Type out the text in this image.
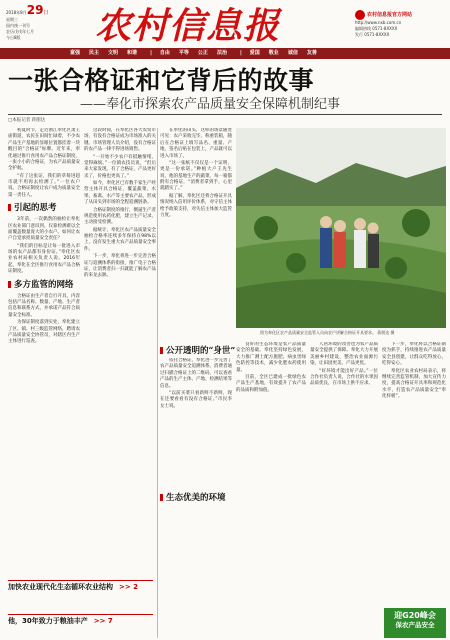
2018年8月29日
星期三
国内统一刊号
农历戊戌年七月
今日8版	农村信息报	农村信息报官方网站
http://www.nxb.com.cn
编辑热线 0571-8XXXX
发行 0571-8XXXX
富强 民主 文明 和谐	| 自由 平等 公正 法治	| 爱国 敬业 诚信 友善
一张合格证和它背后的故事
——奉化市探索农产品质量安全保障机制纪事
□本报记者 蒋朋达

初夏时节，走近浙江奉化区萧王庙街道，农民在田间忙碌着，不少农产品生产基地的显眼位置都挂着一块醒目的“合格证”标牌。近年来，奉化通过推行食用农产品合格证制度，一张小小的合格证，为农产品质量安全护航。

“有了这张证，我们的草莓进超市就不用再去检测了。”一位农户说。合格证制度让农户成为质量安全第一责任人。

引起的思考

3年前，一次偶然的抽检让奉化区农业部门意识到，仅靠检测难以全面覆盖数量庞大的小农户。如何让农户自觉承担质量安全责任？

“我们的目标是让每一批进入市场的农产品都有身份证。”奉化区农业农村局相关负责人说。2016年起，奉化在全区推行食用农产品合格证制度。

多方监管的网络

合格证由生产者自行开具，内容包括产品名称、数量、产地、生产者信息和联系方式，并承诺产品符合质量安全标准。

为保证制度落到实处，奉化建立了区、镇、村三级监管网络，聘请农产品质量安全协管员，对辖区内生产主体进行巡查。

这段时间，在奉化区各大农贸市场，有没有合格证成为市场准入的关键。市场管理人员介绍，没有合格证的农产品一律不得进场销售。

“一开始不少农户有抵触情绪，觉得麻烦。”一位镇农技员说，“但后来大家发现，有了合格证，产品更好卖了，价格也更高了。”

如今，奉化区已有数千家生产经营主体开具合格证，覆盖蔬菜、水果、畜禽、水产等主要农产品，形成了从田头到市场的全程追溯链条。

合格证制度的推行，倒逼生产者规范使用农药化肥，建立生产记录，主动接受检测。

据统计，奉化区农产品质量安全抽检合格率连续多年保持在98%以上，没有发生重大农产品质量安全事件。

下一步，奉化将进一步完善合格证与追溯体系的衔接，推广电子合格证，让消费者扫一扫就能了解农产品的来龙去脉。

在奉化的田头，这样的场景随处可见：农户采收完毕，称重装箱，随后在合格证上填写品名、重量、产地，签名后贴在包装上，产品就可以进入市场了。

“这一张纸不仅仅是一个证明，更是一份承诺。”种植大户王先生说，他的基地生产的蔬菜，每一箱都附有合格证，“消费者拿到手，心里就踏实了。”

据了解，奉化区还将合格证开具情况纳入信用评价体系，对守信主体给予政策支持，对失信主体加大监管力度。

图为奉化区农产品质量安全监管人员向农户讲解合格证开具要求。 蒋朋达 摄
公开透明的“身世”

依托合格证，奉化进一步完善了农产品质量安全追溯体系。消费者通过扫描合格证上的二维码，可以查看产品的生产主体、产地、检测结果等信息。

“以前买菜只看新鲜不新鲜，现在还要看看有没有合格证。”市民李女士说。

生态优美的环境

良好的生态环境是农产品质量安全的基础。奉化坚持绿色发展，大力推广测土配方施肥、病虫害绿色防控等技术，减少化肥农药使用量。

目前，全区已建成一批绿色农产品生产基地，有效提升了农产品的品质和附加值。

人居环境的改善也为农产品质量安全提供了保障。奉化大力开展美丽乡村建设，整治农业面源污染，让田园更美、产品更优。

“好环境才能出好产品。”一位合作社负责人说，合作社的水果因品质优良，在市场上供不应求。

下一步，奉化将以合格证制度为抓手，持续推进农产品质量安全县创建，让群众吃得放心、吃得安心。

奉化区农业农村局表示，将继续完善监管机制，加大宣传力度，提高合格证开具率和规范化水平，打造农产品质量安全“奉化样板”。

加快农业现代化生态循环农业结构 >> 2
他，30年致力于粮油丰产 >> 7
迎G20峰会
保农产品安全
